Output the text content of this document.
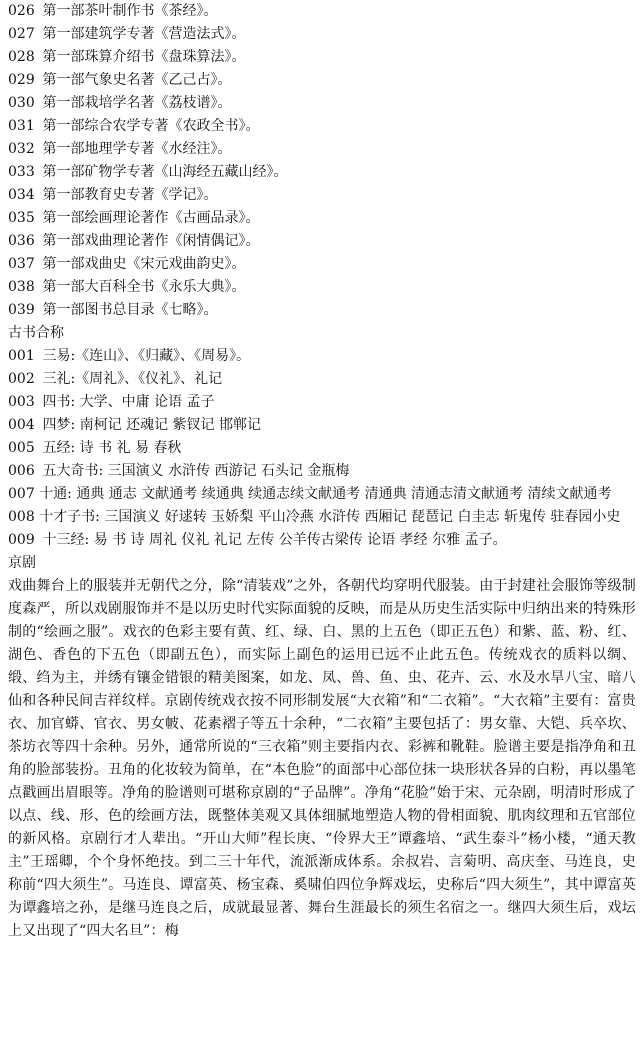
026 第一部茶叶制作书《茶经》。
027 第一部建筑学专著《营造法式》。
028 第一部珠算介绍书《盘珠算法》。
029 第一部气象史名著《乙己占》。
030 第一部栽培学名著《荔枝谱》。
031 第一部综合农学专著《农政全书》。
032 第一部地理学专著《水经注》。
033 第一部矿物学专著《山海经五藏山经》。
034 第一部教育史专著《学记》。
035 第一部绘画理论著作《古画品录》。
036 第一部戏曲理论著作《闲情偶记》。
037 第一部戏曲史《宋元戏曲韵史》。
038 第一部大百科全书《永乐大典》。
039 第一部图书总目录《七略》。
古书合称
001 三易:《连山》、《归藏》、《周易》。
002 三礼:《周礼》、《仪礼》、礼记
003 四书: 大学、中庸 论语 孟子
004 四梦: 南柯记 还魂记 紫钗记 邯郸记
005 五经: 诗 书 礼 易 春秋
006 五大奇书: 三国演义 水浒传 西游记 石头记 金瓶梅
007 十通: 通典 通志 文献通考 续通典 续通志续文献通考 清通典 清通志清文献通考 清续文献通考
008 十才子书: 三国演义 好逑转 玉娇梨 平山冷燕 水浒传 西厢记 琵琶记 白圭志 斩鬼传 驻春园小史
009 十三经: 易 书 诗 周礼 仪礼 礼记 左传 公羊传古梁传 论语 孝经 尔雅 孟子。
京剧
戏曲舞台上的服装并无朝代之分，除“清装戏”之外，各朝代均穿明代服装。由于封建社会服饰等级制度森严，所以戏剧服饰并不是以历史时代实际面貌的反映，而是从历史生活实际中归纳出来的特殊形制的“绘画之服”。戏衣的色彩主要有黄、红、绿、白、黑的上五色（即正五色）和紫、蓝、粉、红、湖色、香色的下五色（即副五色），而实际上副色的运用已远不止此五色。传统戏衣的质料以绸、缎、绉为主，并绣有镶金错银的精美图案，如龙、凤、兽、鱼、虫、花卉、云、水及水旱八宝、暗八仙和各种民间吉祥纹样。京剧传统戏衣按不同形制发展“大衣箱”和“二衣箱”。“大衣箱”主要有：富贵衣、加官蟒、官衣、男女帔、花素褶子等五十余种，“二衣箱”主要包括了：男女靠、大铠、兵卒坎、茶坊衣等四十余种。另外，通常所说的“三衣箱”则主要指内衣、彩裤和靴鞋。脸谱主要是指净角和丑角的脸部装扮。丑角的化妆较为简单，在“本色脸”的面部中心部位抹一块形状各异的白粉，再以墨笔点戳画出眉眼等。净角的脸谱则可堪称京剧的“子品牌”。净角“花脸”始于宋、元杂剧，明清时形成了以点、线、形、色的绘画方法，既整体美观又具体细腻地塑造人物的骨相面貌、肌肉纹理和五官部位的新风格。京剧行才人辈出。“开山大师”程长庚、“伶界大王”谭鑫培、“武生泰斗”杨小楼，“通天教主”王瑶卿，个个身怀绝技。到二三十年代，流派渐成体系。余叔岩、言菊明、高庆奎、马连良，史称前“四大须生”。马连良、谭富英、杨宝森、奚啸伯四位争辉戏坛，史称后“四大须生”，其中谭富英为谭鑫培之孙，是继马连良之后，成就最显著、舞台生涯最长的须生名宿之一。继四大须生后，戏坛上又出现了“四大名旦”：梅
